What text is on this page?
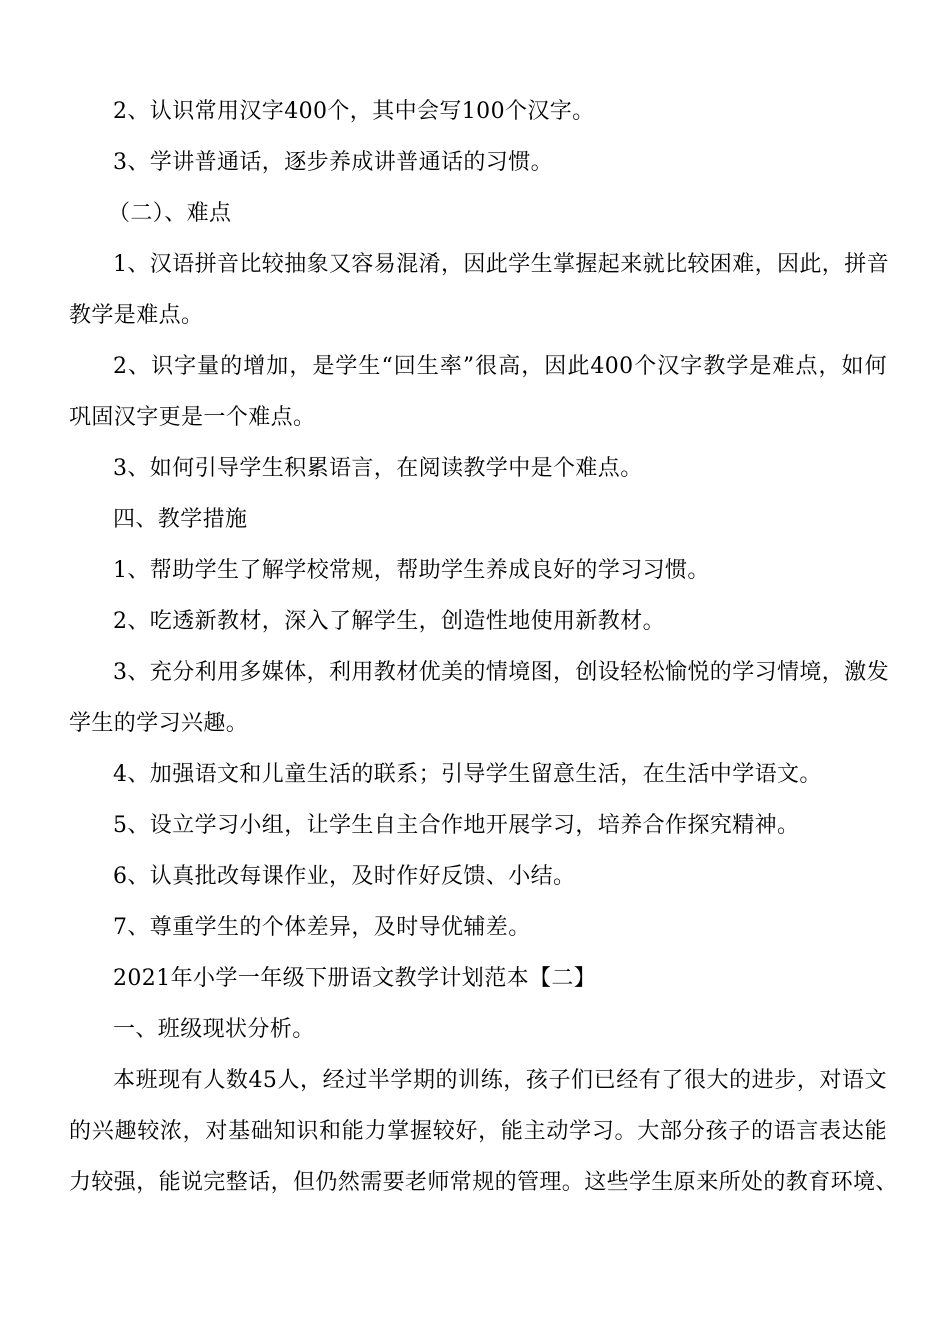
2、认识常用汉字400个，其中会写100个汉字。
3、学讲普通话，逐步养成讲普通话的习惯。
（二）、难点
1、汉语拼音比较抽象又容易混淆，因此学生掌握起来就比较困难，因此，拼音
教学是难点。
2、识字量的增加，是学生“回生率”很高，因此400个汉字教学是难点，如何
巩固汉字更是一个难点。
3、如何引导学生积累语言，在阅读教学中是个难点。
四、教学措施
1、帮助学生了解学校常规，帮助学生养成良好的学习习惯。
2、吃透新教材，深入了解学生，创造性地使用新教材。
3、充分利用多媒体，利用教材优美的情境图，创设轻松愉悦的学习情境，激发
学生的学习兴趣。
4、加强语文和儿童生活的联系；引导学生留意生活，在生活中学语文。
5、设立学习小组，让学生自主合作地开展学习，培养合作探究精神。
6、认真批改每课作业，及时作好反馈、小结。
7、尊重学生的个体差异，及时导优辅差。
2021年小学一年级下册语文教学计划范本【二】
一、班级现状分析。
本班现有人数45人，经过半学期的训练，孩子们已经有了很大的进步，对语文
的兴趣较浓，对基础知识和能力掌握较好，能主动学习。大部分孩子的语言表达能
力较强，能说完整话，但仍然需要老师常规的管理。这些学生原来所处的教育环境、
